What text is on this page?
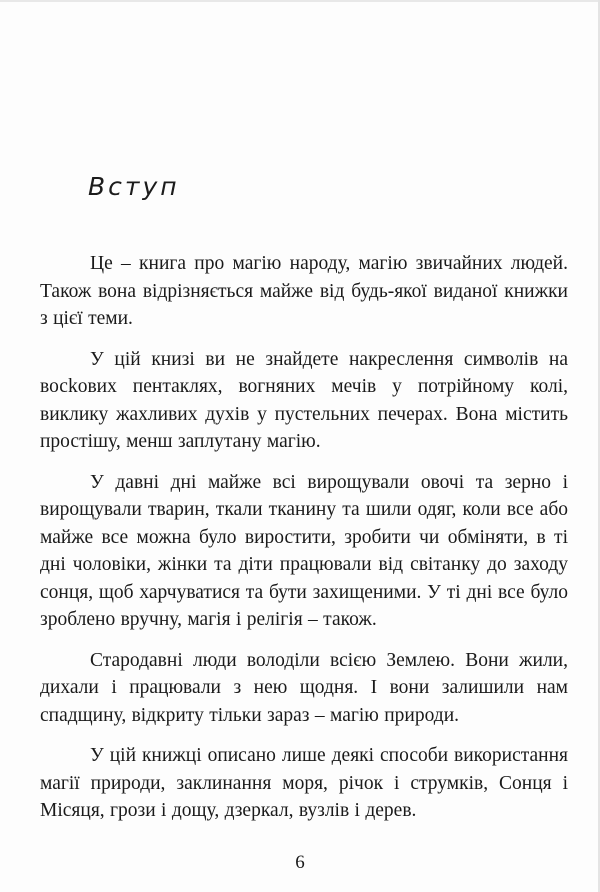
Вступ

Це – книга про магію народу, магію звичайних людей. Також вона відрізняється майже від будь-якої виданої книжки з цієї теми.

У цій книзі ви не знайдете накреслення символів на восkових пентаклях, вогняних мечів у потрійному колі, виклику жахливих духів у пустельних печерах. Вона містить простішу, менш заплутану магію.

У давні дні майже всі вирощували овочі та зерно і вирощували тварин, ткали тканину та шили одяг, коли все або майже все можна було виростити, зробити чи обміняти, в ті дні чоловіки, жінки та діти працювали від світанку до заходу сонця, щоб харчуватися та бути захищеними. У ті дні все було зроблено вручну, магія і релігія – також.

Стародавні люди володіли всією Землею. Вони жили, дихали і працювали з нею щодня. І вони залишили нам спадщину, відкриту тільки зараз – магію природи.

У цій книжці описано лише деякі способи використання магії природи, заклинання моря, річок і струмків, Сонця і Місяця, грози і дощу, дзеркал, вузлів і дерев.

6
